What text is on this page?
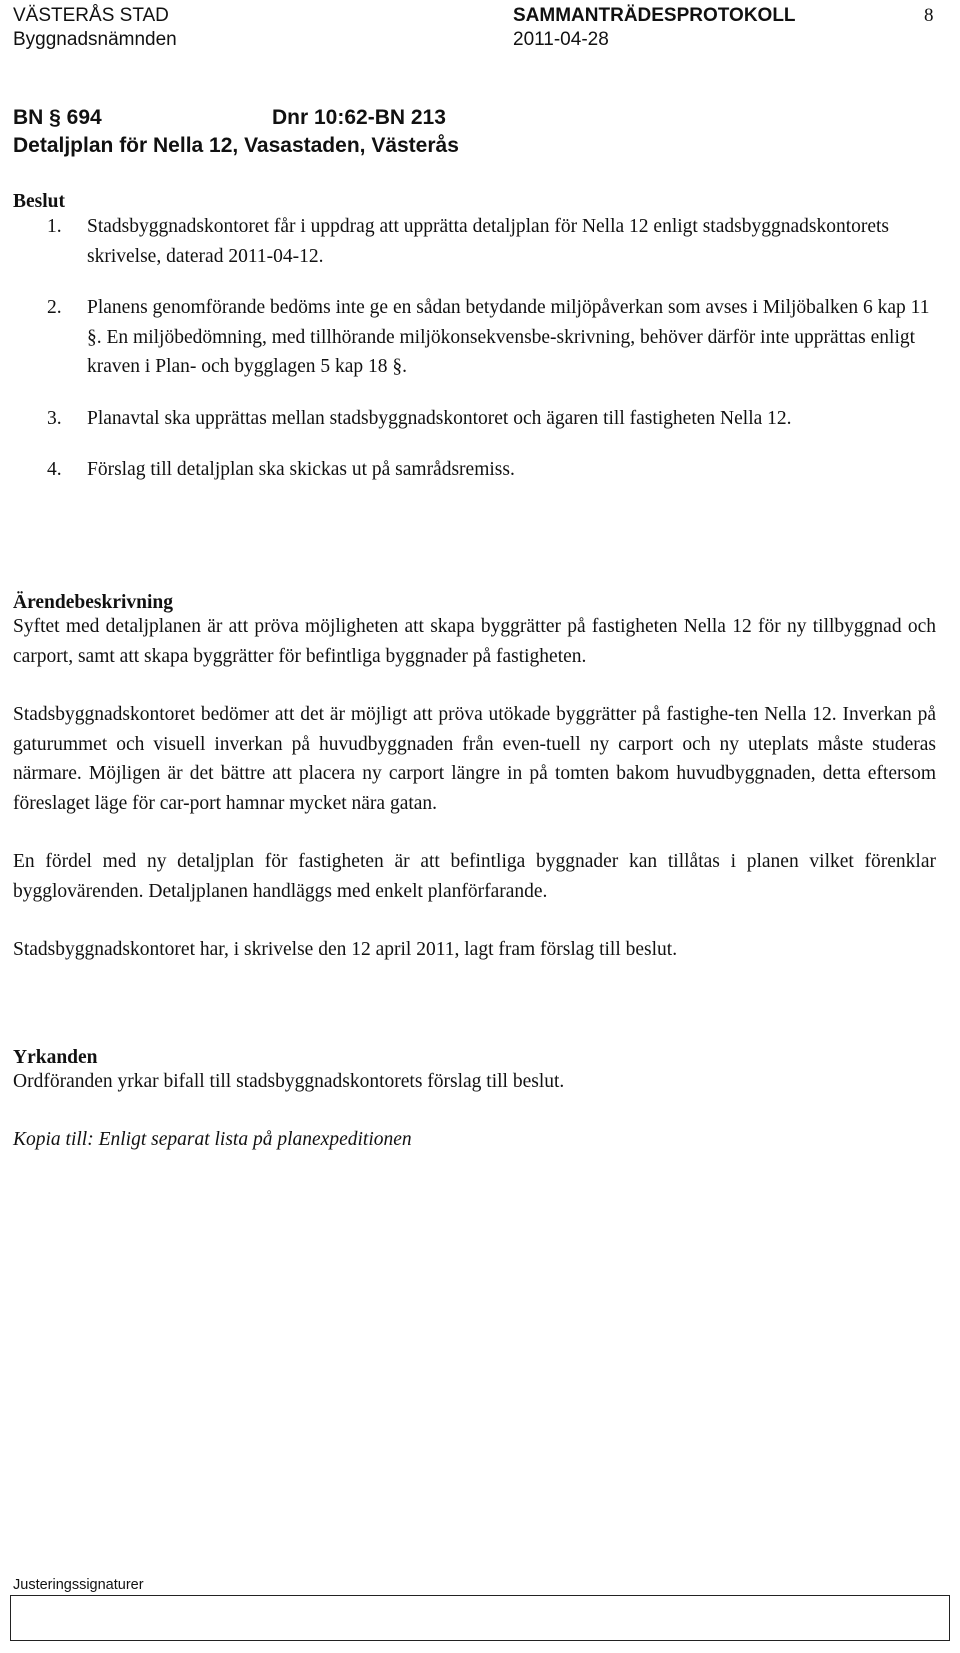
VÄSTERÅS STAD	SAMMANTRÄDESPROTOKOLL	8
Byggnadsnämnden	2011-04-28
BN § 694	Dnr 10:62-BN 213
Detaljplan för Nella 12, Vasastaden, Västerås
Beslut
1. Stadsbyggnadskontoret får i uppdrag att upprätta detaljplan för Nella 12 enligt stadsbyggnadskontorets skrivelse, daterad 2011-04-12.
2. Planens genomförande bedöms inte ge en sådan betydande miljöpåverkan som avses i Miljöbalken 6 kap 11 §. En miljöbedömning, med tillhörande miljökonsekvensbe-skrivning, behöver därför inte upprättas enligt kraven i Plan- och bygglagen 5 kap 18 §.
3. Planavtal ska upprättas mellan stadsbyggnadskontoret och ägaren till fastigheten Nella 12.
4. Förslag till detaljplan ska skickas ut på samrådsremiss.
Ärendebeskrivning

Syftet med detaljplanen är att pröva möjligheten att skapa byggrätter på fastigheten Nella 12 för ny tillbyggnad och carport, samt att skapa byggrätter för befintliga byggnader på fastigheten.

Stadsbyggnadskontoret bedömer att det är möjligt att pröva utökade byggrätter på fastighe-ten Nella 12. Inverkan på gaturummet och visuell inverkan på huvudbyggnaden från even-tuell ny carport och ny uteplats måste studeras närmare. Möjligen är det bättre att placera ny carport längre in på tomten bakom huvudbyggnaden, detta eftersom föreslaget läge för car-port hamnar mycket nära gatan.

En fördel med ny detaljplan för fastigheten är att befintliga byggnader kan tillåtas i planen vilket förenklar bygglovärenden. Detaljplanen handläggs med enkelt planförfarande.

Stadsbyggnadskontoret har, i skrivelse den 12 april 2011, lagt fram förslag till beslut.

Yrkanden
Ordföranden yrkar bifall till stadsbyggnadskontorets förslag till beslut.
Kopia till: Enligt separat lista på planexpeditionen
Justeringssignaturer
